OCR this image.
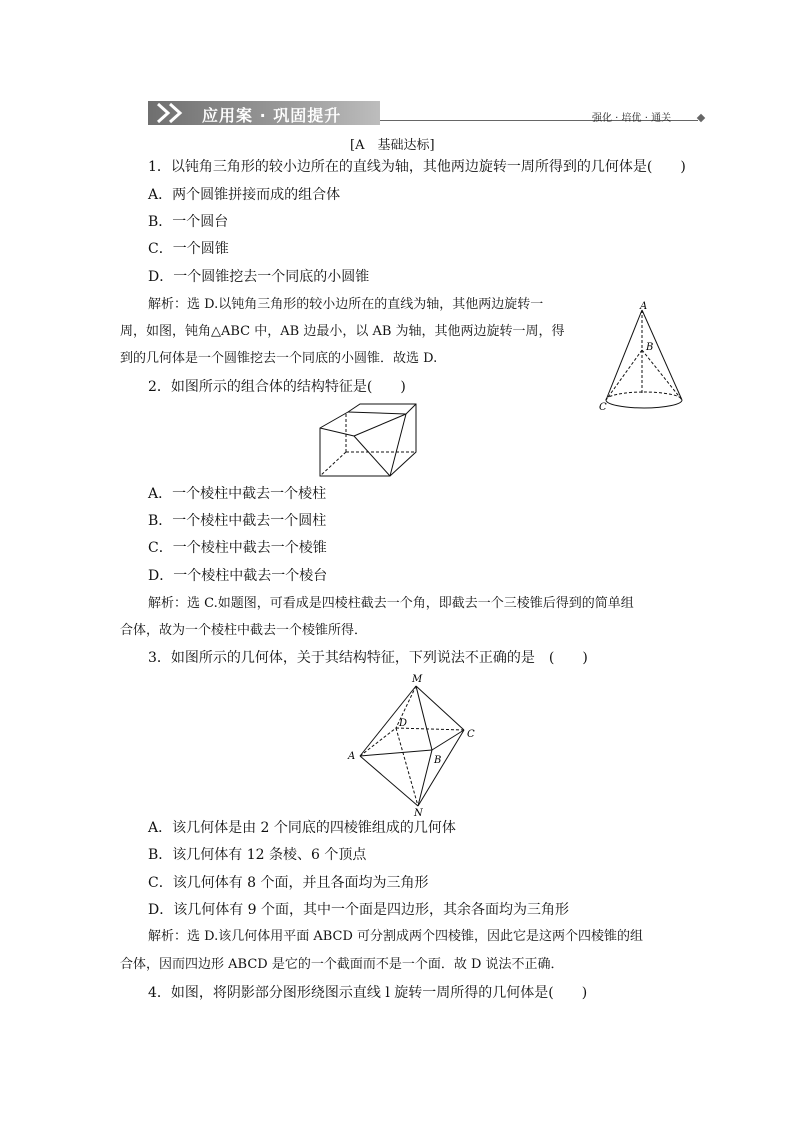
应用案 · 巩固提升	强化 · 培优 · 通关
[A　基础达标]
1．以钝角三角形的较小边所在的直线为轴，其他两边旋转一周所得到的几何体是(　　)
A．两个圆锥拼接而成的组合体
B．一个圆台
C．一个圆锥
D．一个圆锥挖去一个同底的小圆锥
解析：选 D.以钝角三角形的较小边所在的直线为轴，其他两边旋转一
周，如图，钝角△ABC 中，AB 边最小，以 AB 为轴，其他两边旋转一周，得
到的几何体是一个圆锥挖去一个同底的小圆锥．故选 D.
A
B
C
2．如图所示的组合体的结构特征是(　　)
A．一个棱柱中截去一个棱柱
B．一个棱柱中截去一个圆柱
C．一个棱柱中截去一个棱锥
D．一个棱柱中截去一个棱台
解析：选 C.如题图，可看成是四棱柱截去一个角，即截去一个三棱锥后得到的简单组
合体，故为一个棱柱中截去一个棱锥所得．
3．如图所示的几何体，关于其结构特征，下列说法不正确的是　(　　)
M
D
C
A	B
N
A．该几何体是由 2 个同底的四棱锥组成的几何体
B．该几何体有 12 条棱、6 个顶点
C．该几何体有 8 个面，并且各面均为三角形
D．该几何体有 9 个面，其中一个面是四边形，其余各面均为三角形
解析：选 D.该几何体用平面 ABCD 可分割成两个四棱锥，因此它是这两个四棱锥的组
合体，因而四边形 ABCD 是它的一个截面而不是一个面．故 D 说法不正确．
4．如图，将阴影部分图形绕图示直线 l 旋转一周所得的几何体是(　　)
